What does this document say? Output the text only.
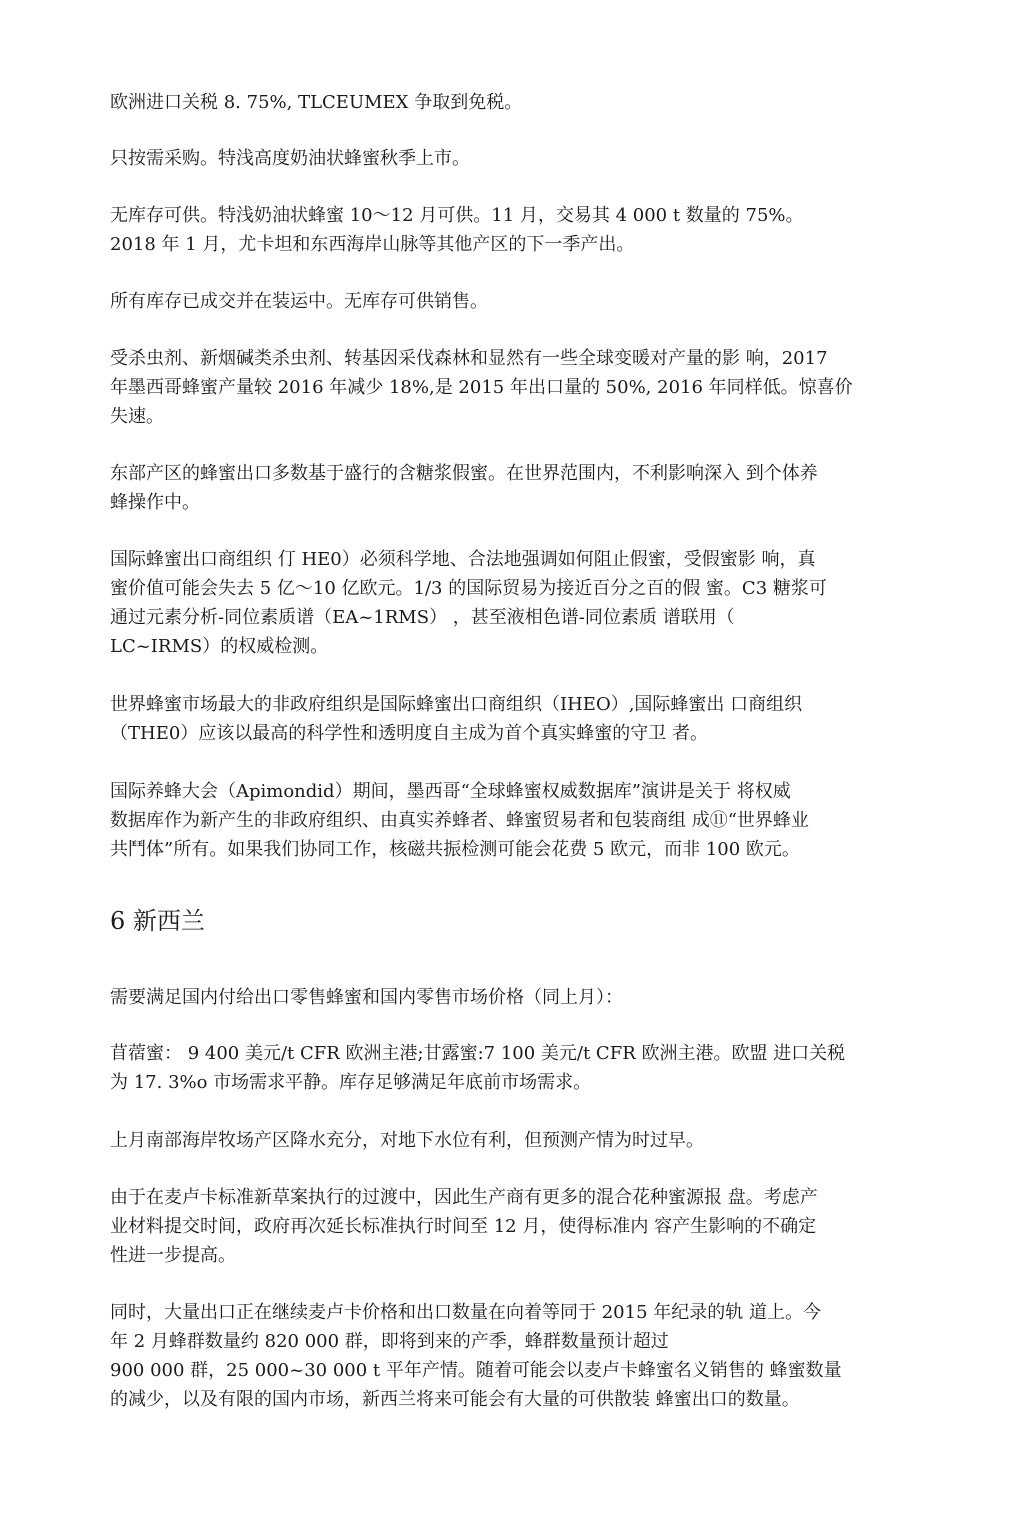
欧洲进口关税 8. 75%, TLCEUMEX 争取到免税。

只按需采购。特浅高度奶油状蜂蜜秋季上市。

无库存可供。特浅奶油状蜂蜜 10～12 月可供。11 月，交易其 4 000 t 数量的 75%。
2018 年 1 月，尤卡坦和东西海岸山脉等其他产区的下一季产出。

所有库存已成交并在装运中。无库存可供销售。

受杀虫剂、新烟碱类杀虫剂、转基因采伐森林和显然有一些全球变暖对产量的影 响，2017
年墨西哥蜂蜜产量较 2016 年减少 18%,是 2015 年出口量的 50%, 2016 年同样低。惊喜价
失速。

东部产区的蜂蜜出口多数基于盛行的含糖浆假蜜。在世界范围内，不利影响深入 到个体养
蜂操作中。

国际蜂蜜出口商组织 仃 HE0）必须科学地、合法地强调如何阻止假蜜，受假蜜影 响，真
蜜价值可能会失去 5 亿～10 亿欧元。1/3 的国际贸易为接近百分之百的假 蜜。C3 糖浆可
通过元素分析-同位素质谱（EA~1RMS） ，甚至液相色谱-同位素质 谱联用（
LC~IRMS）的权威检测。

世界蜂蜜市场最大的非政府组织是国际蜂蜜出口商组织（IHEO）,国际蜂蜜出 口商组织
（THE0）应该以最高的科学性和透明度自主成为首个真实蜂蜜的守卫 者。

国际养蜂大会（Apimondid）期间，墨西哥“全球蜂蜜权威数据库”演讲是关于 将权威
数据库作为新产生的非政府组织、由真实养蜂者、蜂蜜贸易者和包装商组 成⑪“世界蜂业
共鬥体”所有。如果我们协同工作，核磁共振检测可能会花费 5 欧元，而非 100 欧元。

6 新西兰

需要满足国内付给出口零售蜂蜜和国内零售市场价格（同上月）：

苜蓿蜜： 9 400 美元/t CFR 欧洲主港;甘露蜜:7 100 美元/t CFR 欧洲主港。欧盟 进口关税
为 17. 3%o 市场需求平静。库存足够满足年底前市场需求。

上月南部海岸牧场产区降水充分，对地下水位有利，但预测产情为时过早。

由于在麦卢卡标准新草案执行的过渡中，因此生产商有更多的混合花种蜜源报 盘。考虑产
业材料提交时间，政府再次延长标准执行时间至 12 月，使得标准内 容产生影响的不确定
性进一步提高。

同时，大量出口正在继续麦卢卡价格和出口数量在向着等同于 2015 年纪录的轨 道上。今
年 2 月蜂群数量约 820 000 群，即将到来的产季，蜂群数量预计超过
900 000 群，25 000~30 000 t 平年产情。随着可能会以麦卢卡蜂蜜名义销售的 蜂蜜数量
的减少，以及有限的国内市场，新西兰将来可能会有大量的可供散装 蜂蜜出口的数量。
